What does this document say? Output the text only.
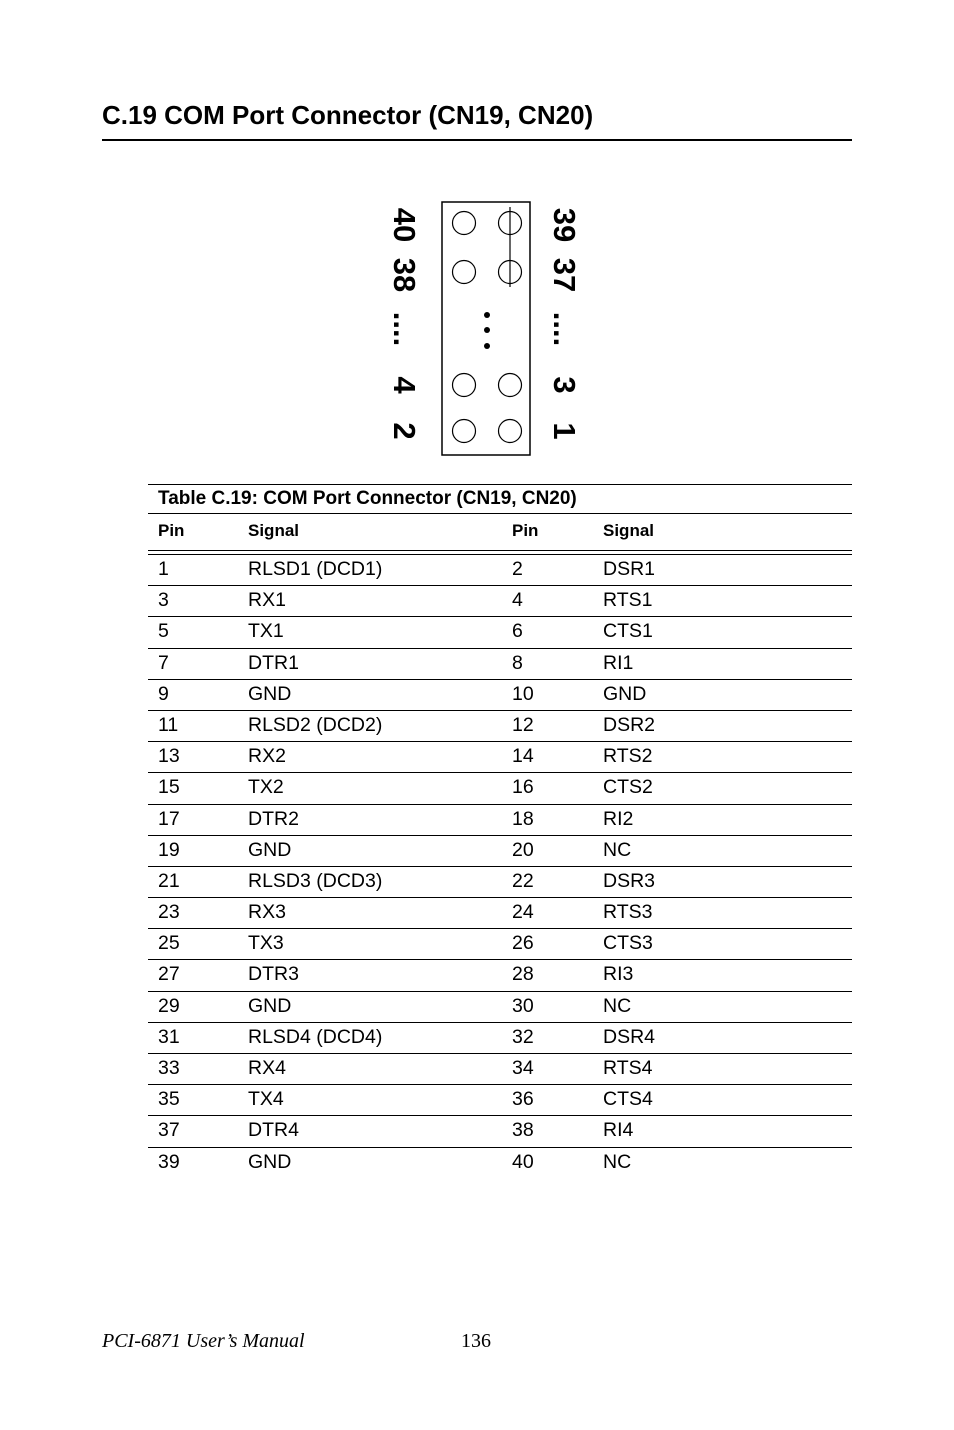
C.19 COM Port Connector (CN19, CN20)
40
38
....
4
2
39
37
....
3
1
Table C.19: COM Port Connector (CN19, CN20)
Pin	Signal	Pin	Signal
1	RLSD1 (DCD1)	2	DSR1
3	RX1	4	RTS1
5	TX1	6	CTS1
7	DTR1	8	RI1
9	GND	10	GND
11	RLSD2 (DCD2)	12	DSR2
13	RX2	14	RTS2
15	TX2	16	CTS2
17	DTR2	18	RI2
19	GND	20	NC
21	RLSD3 (DCD3)	22	DSR3
23	RX3	24	RTS3
25	TX3	26	CTS3
27	DTR3	28	RI3
29	GND	30	NC
31	RLSD4 (DCD4)	32	DSR4
33	RX4	34	RTS4
35	TX4	36	CTS4
37	DTR4	38	RI4
39	GND	40	NC
PCI-6871 User’s Manual	136
